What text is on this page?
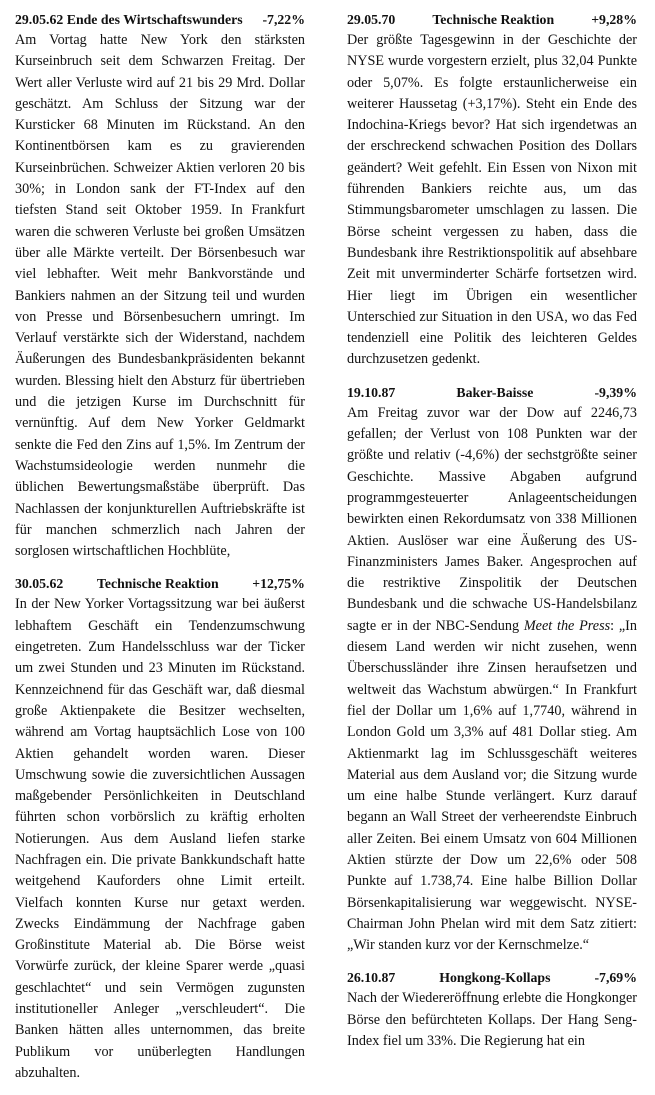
29.05.62 Ende des Wirtschaftswunders -7,22%

Am Vortag hatte New York den stärksten Kurseinbruch seit dem Schwarzen Freitag. Der Wert aller Verluste wird auf 21 bis 29 Mrd. Dollar geschätzt. Am Schluss der Sitzung war der Kursticker 68 Minuten im Rückstand. An den Kontinentbörsen kam es zu gravierenden Kurseinbrüchen. Schweizer Aktien verloren 20 bis 30%; in London sank der FT-Index auf den tiefsten Stand seit Oktober 1959. In Frankfurt waren die schweren Verluste bei großen Umsätzen über alle Märkte verteilt. Der Börsenbesuch war viel lebhafter. Weit mehr Bankvorstände und Bankiers nahmen an der Sitzung teil und wurden von Presse und Börsenbesuchern umringt. Im Verlauf verstärkte sich der Widerstand, nachdem Äußerungen des Bundesbankpräsidenten bekannt wurden. Blessing hielt den Absturz für übertrieben und die jetzigen Kurse im Durchschnitt für vernünftig. Auf dem New Yorker Geldmarkt senkte die Fed den Zins auf 1,5%. Im Zentrum der Wachstumsideologie werden nunmehr die üblichen Bewertungsmaßstäbe überprüft. Das Nachlassen der konjunkturellen Auftriebskräfte ist für manchen schmerzlich nach Jahren der sorglosen wirtschaftlichen Hochblüte,

30.05.62 Technische Reaktion +12,75%

In der New Yorker Vortagssitzung war bei äußerst lebhaftem Geschäft ein Tendenzumschwung eingetreten. Zum Handelsschluss war der Ticker um zwei Stunden und 23 Minuten im Rückstand. Kennzeichnend für das Geschäft war, daß diesmal große Aktienpakete die Besitzer wechselten, während am Vortag hauptsächlich Lose von 100 Aktien gehandelt worden waren. Dieser Umschwung sowie die zuversichtlichen Aussagen maßgebender Persönlichkeiten in Deutschland führten schon vorbörslich zu kräftig erholten Notierungen. Aus dem Ausland liefen starke Nachfragen ein. Die private Bankkundschaft hatte weitgehend Kauforders ohne Limit erteilt. Vielfach konnten Kurse nur getaxt werden. Zwecks Eindämmung der Nachfrage gaben Großinstitute Material ab. Die Börse weist Vorwürfe zurück, der kleine Sparer werde „quasi geschlachtet“ und sein Vermögen zugunsten institutioneller Anleger „verschleudert“. Die Banken hätten alles unternommen, das breite Publikum vor unüberlegten Handlungen abzuhalten.

29.05.70	Technische Reaktion	+9,28%

Der größte Tagesgewinn in der Geschichte der NYSE wurde vorgestern erzielt, plus 32,04 Punkte oder 5,07%. Es folgte erstaunlicherweise ein weiterer Haussetag (+3,17%). Steht ein Ende des Indochina-Kriegs bevor? Hat sich irgendetwas an der erschreckend schwachen Position des Dollars geändert? Weit gefehlt. Ein Essen von Nixon mit führenden Bankiers reichte aus, um das Stimmungsbarometer umschlagen zu lassen. Die Börse scheint vergessen zu haben, dass die Bundesbank ihre Restriktionspolitik auf absehbare Zeit mit unverminderter Schärfe fortsetzen wird. Hier liegt im Übrigen ein wesentlicher Unterschied zur Situation in den USA, wo das Fed tendenziell eine Politik des leichteren Geldes durchzusetzen gedenkt.

19.10.87	Baker-Baisse	-9,39%

Am Freitag zuvor war der Dow auf 2246,73 gefallen; der Verlust von 108 Punkten war der größte und relativ (-4,6%) der sechstgrößte seiner Geschichte. Massive Abgaben aufgrund programmgesteuerter Anlageentscheidungen bewirkten einen Rekordumsatz von 338 Millionen Aktien. Auslöser war eine Äußerung des US-Finanzministers James Baker. Angesprochen auf die restriktive Zinspolitik der Deutschen Bundesbank und die schwache US-Handelsbilanz sagte er in der NBC-Sendung Meet the Press: „In diesem Land werden wir nicht zusehen, wenn Überschussländer ihre Zinsen heraufsetzen und weltweit das Wachstum abwürgen.“ In Frankfurt fiel der Dollar um 1,6% auf 1,7740, während in London Gold um 3,3% auf 481 Dollar stieg. Am Aktienmarkt lag im Schlussgeschäft weiteres Material aus dem Ausland vor; die Sitzung wurde um eine halbe Stunde verlängert. Kurz darauf begann an Wall Street der verheerendste Einbruch aller Zeiten. Bei einem Umsatz von 604 Millionen Aktien stürzte der Dow um 22,6% oder 508 Punkte auf 1.738,74. Eine halbe Billion Dollar Börsenkapitalisierung war weggewischt. NYSE-Chairman John Phelan wird mit dem Satz zitiert: „Wir standen kurz vor der Kernschmelze.“

26.10.87	Hongkong-Kollaps	-7,69%

Nach der Wiedereröffnung erlebte die Hongkonger Börse den befürchteten Kollaps. Der Hang Seng-Index fiel um 33%. Die Regierung hat ein
